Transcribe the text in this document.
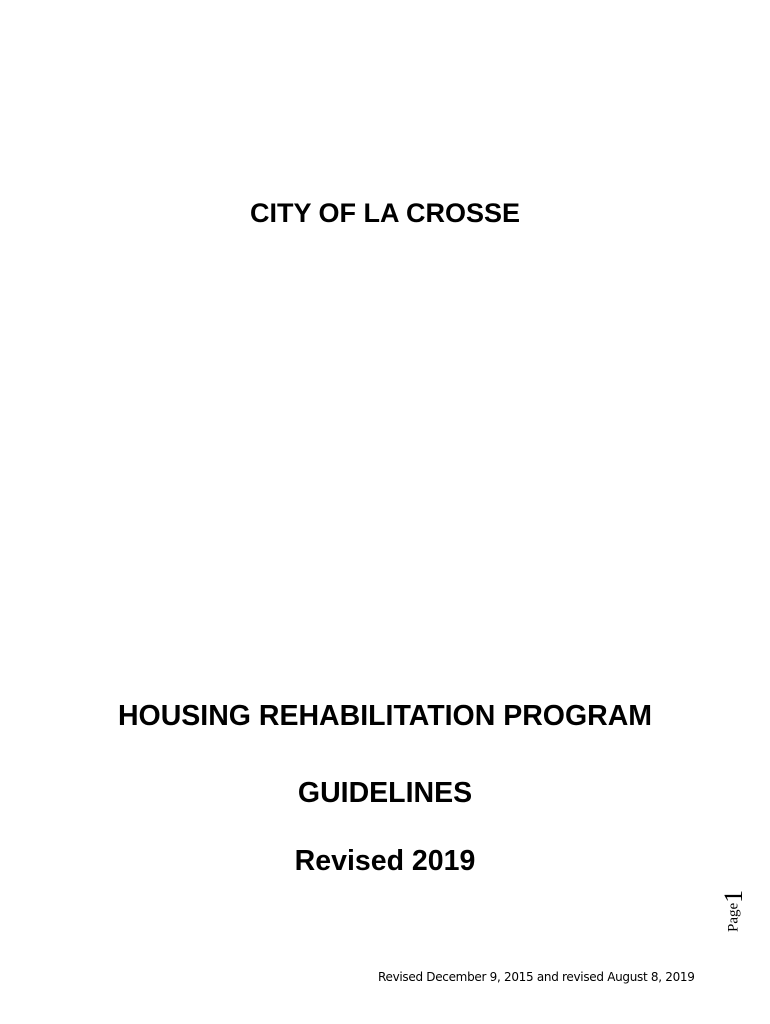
CITY OF LA CROSSE
HOUSING REHABILITATION PROGRAM
GUIDELINES
Revised 2019
Page1
Revised December 9, 2015 and revised August 8, 2019
